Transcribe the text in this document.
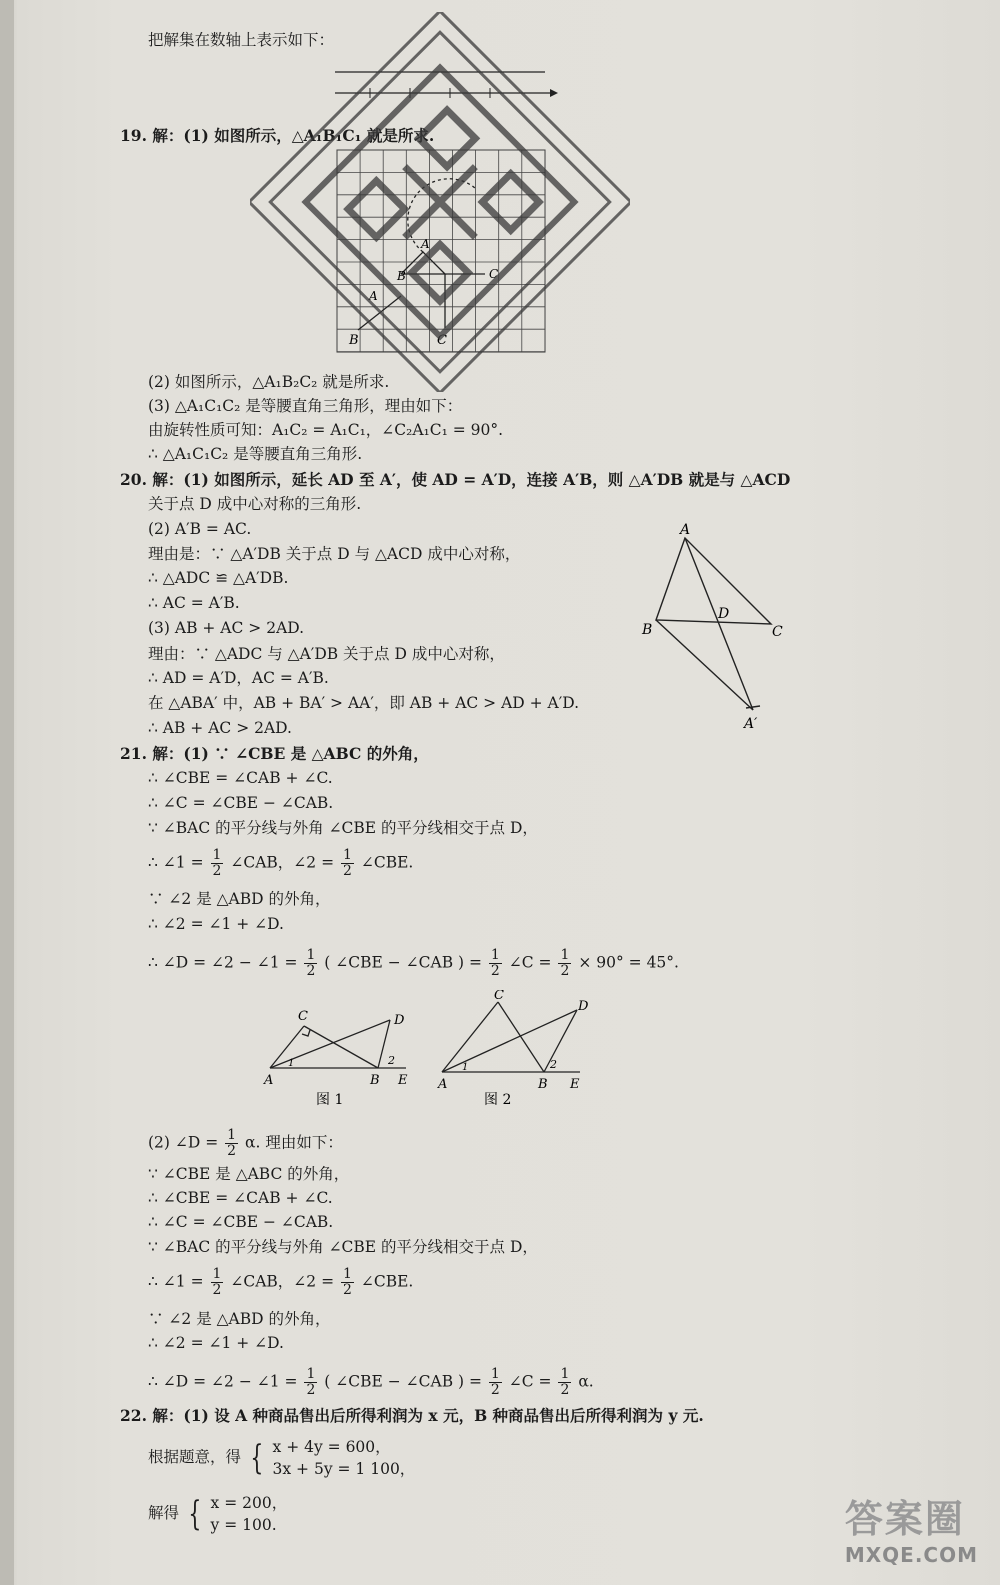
把解集在数轴上表示如下：
19. 解：(1) 如图所示，△A₁B₁C₁ 就是所求.
B	C
A
B	C
A
(2) 如图所示，△A₁B₂C₂ 就是所求.
(3) △A₁C₁C₂ 是等腰直角三角形，理由如下：
由旋转性质可知：A₁C₂ = A₁C₁，∠C₂A₁C₁ = 90°.
∴ △A₁C₁C₂ 是等腰直角三角形.
20. 解：(1) 如图所示，延长 AD 至 A′，使 AD = A′D，连接 A′B，则 △A′DB 就是与 △ACD
关于点 D 成中心对称的三角形.
(2) A′B = AC.
理由是：∵ △A′DB 关于点 D 与 △ACD 成中心对称，
∴ △ADC ≌ △A′DB.
∴ AC = A′B.
(3) AB + AC > 2AD.
理由：∵ △ADC 与 △A′DB 关于点 D 成中心对称，
∴ AD = A′D，AC = A′B.
在 △ABA′ 中，AB + BA′ > AA′，即 AB + AC > AD + A′D.
∴ AB + AC > 2AD.
A
B	C
D
A′
21. 解：(1) ∵ ∠CBE 是 △ABC 的外角，
∴ ∠CBE = ∠CAB + ∠C.
∴ ∠C = ∠CBE − ∠CAB.
∵ ∠BAC 的平分线与外角 ∠CBE 的平分线相交于点 D，
∴ ∠1 = $\frac{1}{2}$ ∠CAB，∠2 = $\frac{1}{2}$ ∠CBE.
∵ ∠2 是 △ABD 的外角，
∴ ∠2 = ∠1 + ∠D.
∴ ∠D = ∠2 − ∠1 = $\frac{1}{2}$ ( ∠CBE − ∠CAB ) = $\frac{1}{2}$ ∠C = $\frac{1}{2} \times 90^\circ = 45^\circ$.
A	B
C	D
E
1	2
图 1
A	B
C
D
E
1	2
图 2
(2) ∠D = $\frac{1}{2} \alpha$. 理由如下：
∵ ∠CBE 是 △ABC 的外角，
∴ ∠CBE = ∠CAB + ∠C.
∴ ∠C = ∠CBE − ∠CAB.
∵ ∠BAC 的平分线与外角 ∠CBE 的平分线相交于点 D，
∴ ∠1 = $\frac{1}{2}$ ∠CAB，∠2 = $\frac{1}{2}$ ∠CBE.
∵ ∠2 是 △ABD 的外角，
∴ ∠2 = ∠1 + ∠D.
∴ ∠D = ∠2 − ∠1 = $\frac{1}{2}$ ( ∠CBE − ∠CAB ) = $\frac{1}{2}$ ∠C = $\frac{1}{2} \alpha$.
22. 解：(1) 设 A 种商品售出后所得利润为 x 元，B 种商品售出后所得利润为 y 元.
根据题意，得 { x + 4y = 600，
3x + 5y = 1 100，
解得 { x = 200，
y = 100.	答案圈
MXQE.COM
